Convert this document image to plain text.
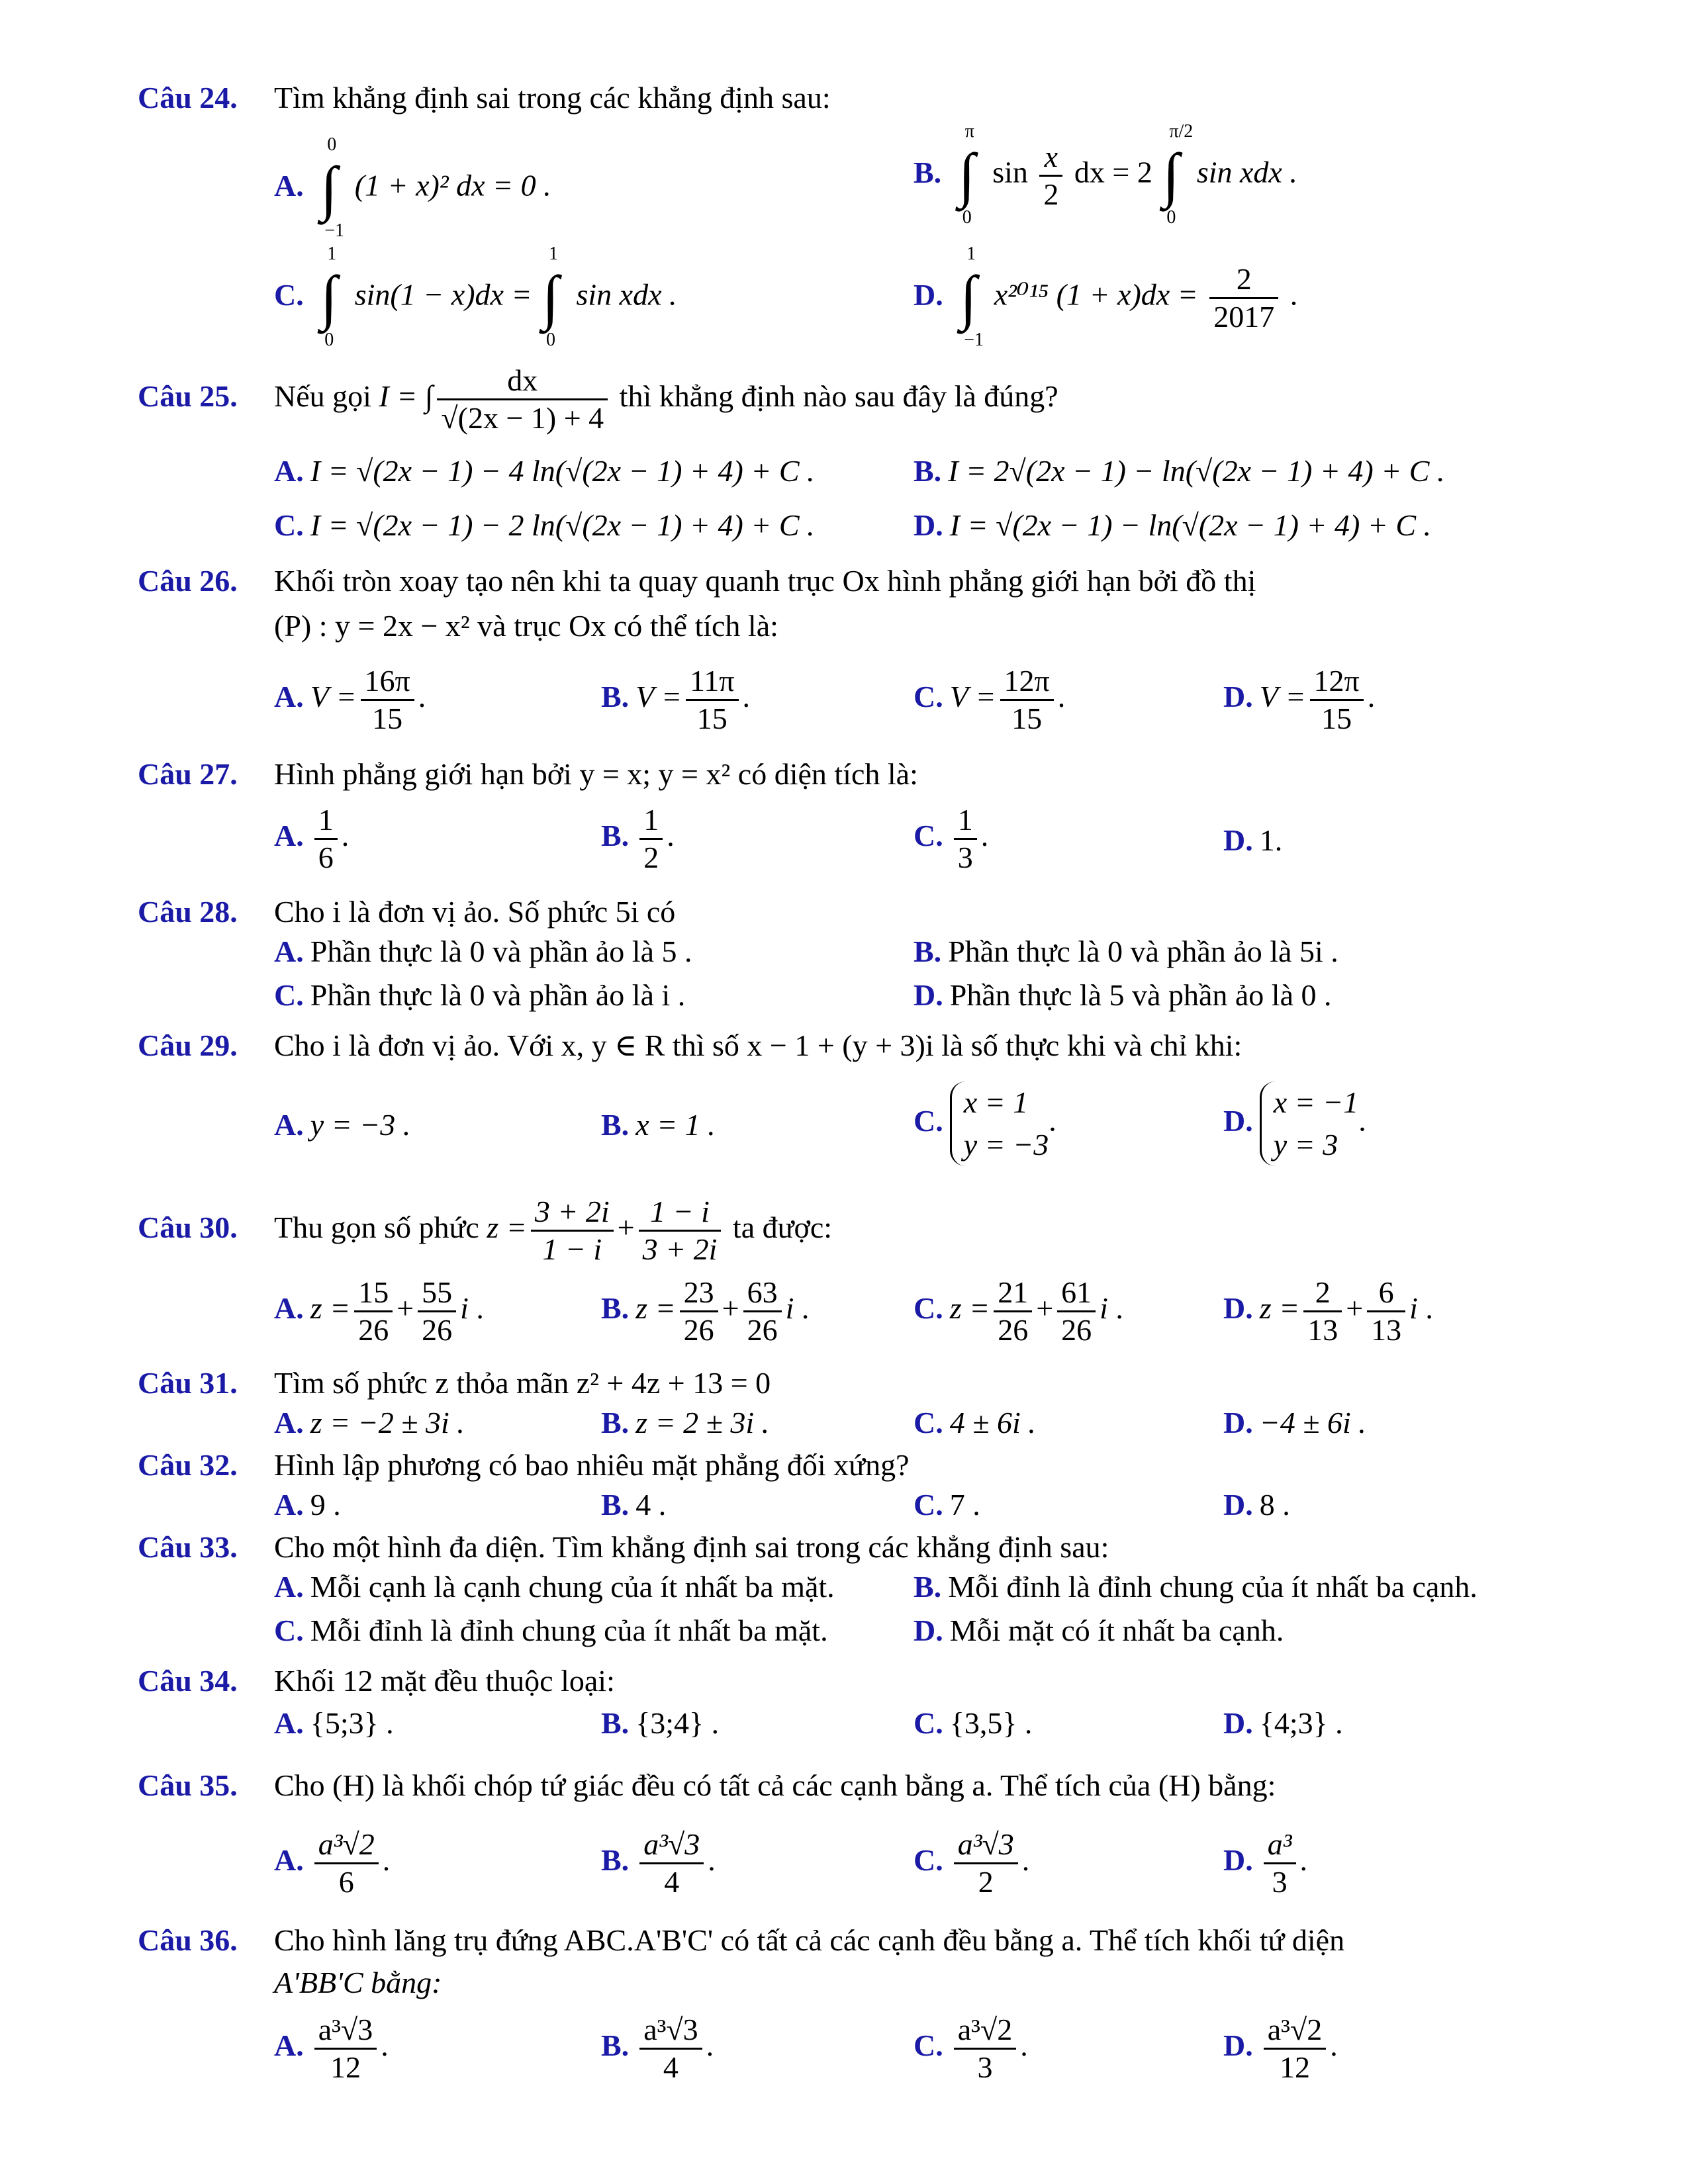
Câu 24. Tìm khẳng định sai trong các khẳng định sau:
A.
0
∫
−1
(1 + x)² dx = 0 .	B.
π
∫
0
$\sin \frac{x}{2}$ dx = 2
π/2
∫
0
sin xdx .
C.
1
∫
0
sin(1 − x)dx =
1
∫
0
sin xdx .	D.
1
∫
−1
x²⁰¹⁵ $(1 + x)dx = \frac{2}{2017}$ .
Câu 25. Nếu gọi I = ∫ $\frac{dx}{√(2x - 1) + 4}$ thì khẳng định nào sau đây là đúng?
A. I = √(2x − 1) − 4 ln(√(2x − 1) + 4) + C .	B. I = 2√(2x − 1) − ln(√(2x − 1) + 4) + C .
C. I = √(2x − 1) − 2 ln(√(2x − 1) + 4) + C .	D. I = √(2x − 1) − ln(√(2x − 1) + 4) + C .
Câu 26. Khối tròn xoay tạo nên khi ta quay quanh trục Ox hình phẳng giới hạn bởi đồ thị
(P) : y = 2x − x² và trục Ox có thể tích là:
A. $V = \frac{16\pi}{15}$ .	B. $V = \frac{11\pi}{15}$ .	C. $V = \frac{12\pi}{15}$ .	D. $V = \frac{12\pi}{15}$ .
Câu 27. Hình phẳng giới hạn bởi y = x; y = x² có diện tích là:
A. $\frac{1}{6}$ .	B. $\frac{1}{2}$ .	C. $\frac{1}{3}$ .	D. 1.
Câu 28. Cho i là đơn vị ảo. Số phức 5i có
A. Phần thực là 0 và phần ảo là 5 .	B. Phần thực là 0 và phần ảo là 5i .
C. Phần thực là 0 và phần ảo là i .	D. Phần thực là 5 và phần ảo là 0 .
Câu 29. Cho i là đơn vị ảo. Với x, y ∈ R thì số x − 1 + (y + 3)i là số thực khi và chỉ khi:
A. y = −3 .	B. x = 1 .	C.
x = 1
y = −3
.	D.
x = −1
y = 3
.
Câu 30. Thu gọn số phức $z = \frac{3 + 2i}{1 - i} + \frac{1 - i}{3 + 2i}$ ta được:
A. $z = \frac{15}{26} + \frac{55}{26}$ i .	B. $z = \frac{23}{26} + \frac{63}{26}$ i .	C. $z = \frac{21}{26} + \frac{61}{26}$ i .	D. $z = \frac{2}{13} + \frac{6}{13}$ i .
Câu 31. Tìm số phức z thỏa mãn z² + 4z + 13 = 0
A. z = −2 ± 3i .	B. z = 2 ± 3i .	C. 4 ± 6i .	D. −4 ± 6i .
Câu 32. Hình lập phương có bao nhiêu mặt phẳng đối xứng?
A. 9 .	B. 4 .	C. 7 .	D. 8 .
Câu 33. Cho một hình đa diện. Tìm khẳng định sai trong các khẳng định sau:
A. Mỗi cạnh là cạnh chung của ít nhất ba mặt.	B. Mỗi đỉnh là đỉnh chung của ít nhất ba cạnh.
C. Mỗi đỉnh là đỉnh chung của ít nhất ba mặt.	D. Mỗi mặt có ít nhất ba cạnh.
Câu 34. Khối 12 mặt đều thuộc loại:
A. {5;3} .	B. {3;4} .	C. {3,5} .	D. {4;3} .
Câu 35. Cho (H) là khối chóp tứ giác đều có tất cả các cạnh bằng a. Thể tích của (H) bằng:
A. $\frac{\text{a³√2}}{6}$ .	B. $\frac{\text{a³√3}}{4}$ .	C. $\frac{\text{a³√3}}{2}$ .	D. $\frac{\text{a³}}{3}$ .
Câu 36. Cho hình lăng trụ đứng ABC.A'B'C' có tất cả các cạnh đều bằng a. Thể tích khối tứ diện
A'BB'C bằng:
A. $\frac{\text{a³√3}}{12}$ .	B. $\frac{\text{a³√3}}{4}$ .	C. $\frac{\text{a³√2}}{3}$ .	D. $\frac{\text{a³√2}}{12}$ .
